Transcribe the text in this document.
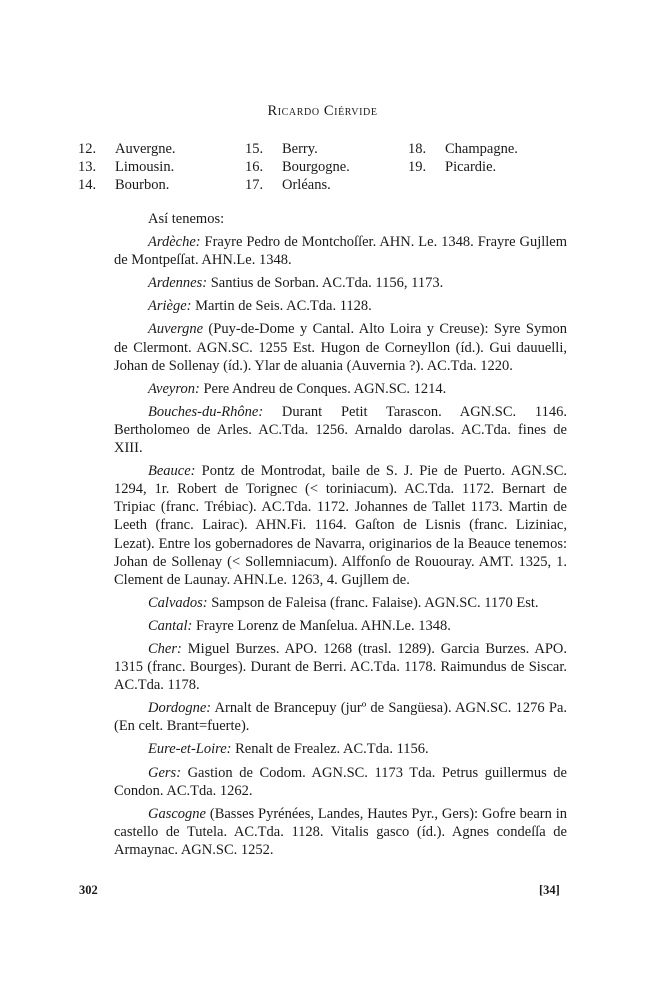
Ricardo Ciérvide
12. Auvergne.
13. Limousin.
14. Bourbon.
15. Berry.
16. Bourgogne.
17. Orléans.
18. Champagne.
19. Picardie.

Así tenemos:

Ardèche: Frayre Pedro de Montchoſſer. AHN. Le. 1348. Frayre Gujllem de Montpeſſat. AHN.Le. 1348.

Ardennes: Santius de Sorban. AC.Tda. 1156, 1173.

Ariège: Martin de Seis. AC.Tda. 1128.

Auvergne (Puy-de-Dome y Cantal. Alto Loira y Creuse): Syre Symon de Clermont. AGN.SC. 1255 Est. Hugon de Corneyllon (íd.). Gui dauuelli, Johan de Sollenay (íd.). Ylar de aluania (Auvernia ?). AC.Tda. 1220.

Aveyron: Pere Andreu de Conques. AGN.SC. 1214.

Bouches-du-Rhône: Durant Petit Tarascon. AGN.SC. 1146. Bertholomeo de Arles. AC.Tda. 1256. Arnaldo darolas. AC.Tda. fines de XIII.

Beauce: Pontz de Montrodat, baile de S. J. Pie de Puerto. AGN.SC. 1294, 1r. Robert de Torignec (< toriniacum). AC.Tda. 1172. Bernart de Tripiac (franc. Trébiac). AC.Tda. 1172. Johannes de Tallet 1173. Martin de Leeth (franc. Lairac). AHN.Fi. 1164. Gaſton de Lisnis (franc. Liziniac, Lezat). Entre los gobernadores de Navarra, originarios de la Beauce tenemos: Johan de Sollenay (< Sollemniacum). Alffonſo de Rououray. AMT. 1325, 1. Clement de Launay. AHN.Le. 1263, 4. Gujllem de.

Calvados: Sampson de Faleisa (franc. Falaise). AGN.SC. 1170 Est.

Cantal: Frayre Lorenz de Manſelua. AHN.Le. 1348.

Cher: Miguel Burzes. APO. 1268 (trasl. 1289). Garcia Burzes. APO. 1315 (franc. Bourges). Durant de Berri. AC.Tda. 1178. Raimundus de Siscar. AC.Tda. 1178.

Dordogne: Arnalt de Brancepuy (jurº de Sangüesa). AGN.SC. 1276 Pa. (En celt. Brant=fuerte).

Eure-et-Loire: Renalt de Frealez. AC.Tda. 1156.

Gers: Gastion de Codom. AGN.SC. 1173 Tda. Petrus guillermus de Condon. AC.Tda. 1262.

Gascogne (Basses Pyrénées, Landes, Hautes Pyr., Gers): Gofre bearn in castello de Tutela. AC.Tda. 1128. Vitalis gasco (íd.). Agnes condeſſa de Armaynac. AGN.SC. 1252.

302	[34]
